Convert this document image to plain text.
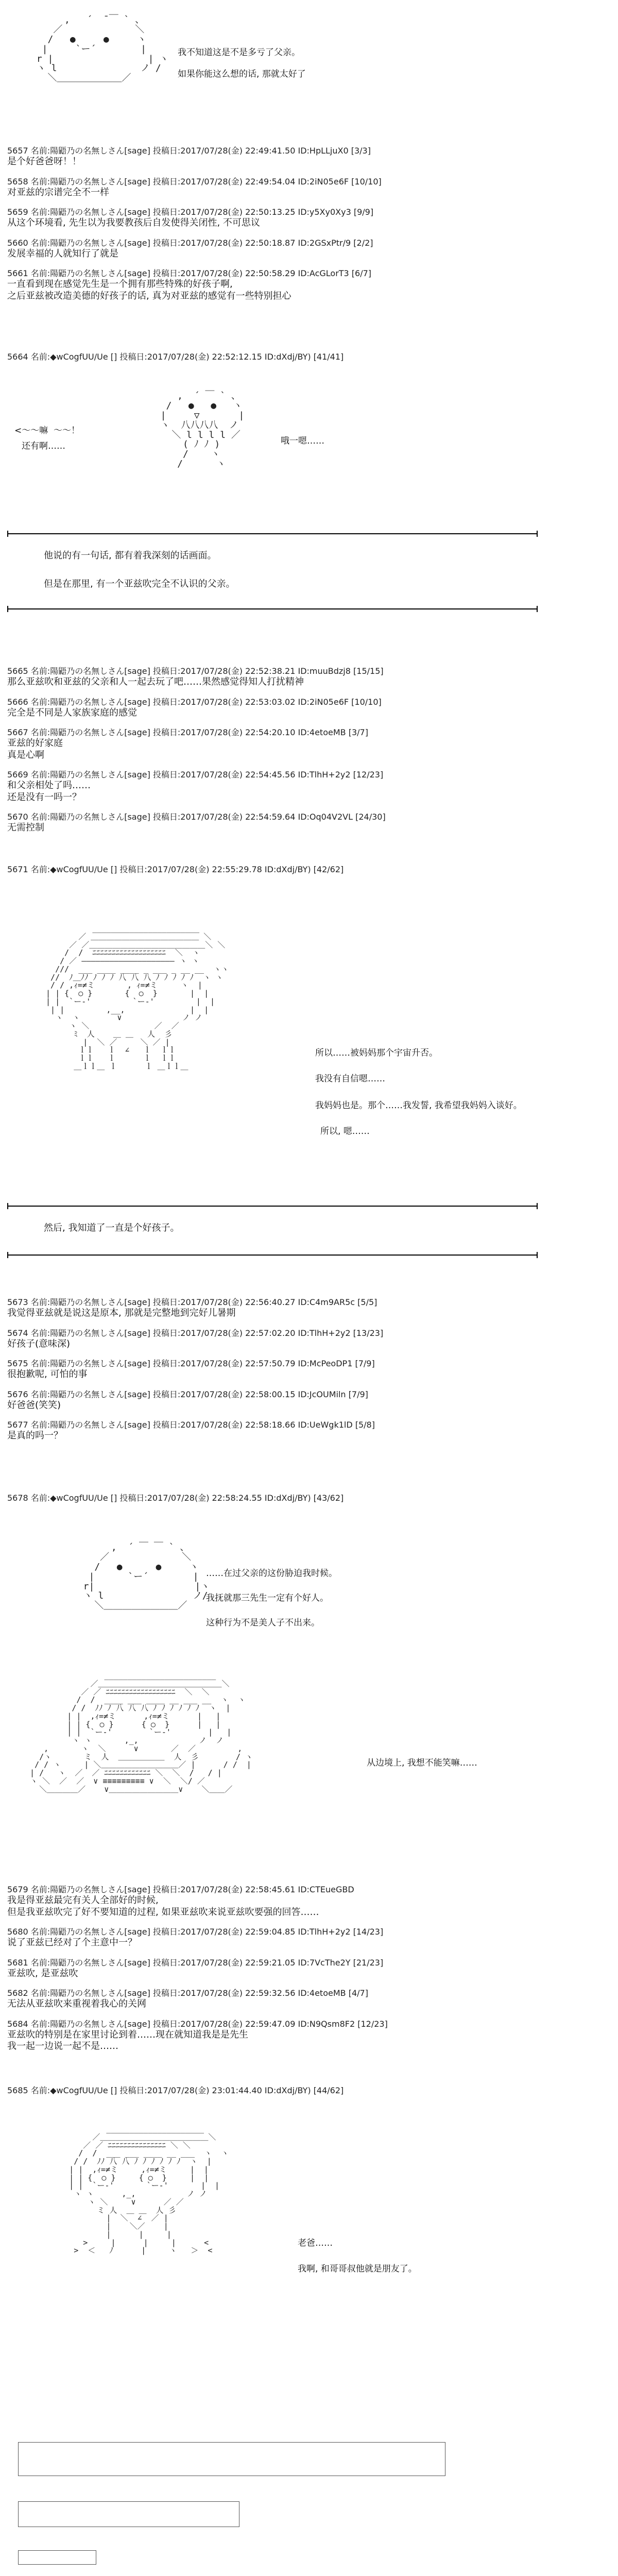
,   ´  ̄ ￣ ` 、
／             ＼
/   ●     ●     ヽ
|     `ー´        |
r |                 | ヽ
ヽ l               ノ /
＼＿＿＿＿＿＿＿／
我不知道这是不是多亏了父亲。
如果你能这么想的话, 那就太好了
5657 名前:陽鼯乃の名無しさん[sage] 投稿日:2017/07/28(金) 22:49:41.50 ID:HpLLjuX0 [3/3]
是个好爸爸呀！！
5658 名前:陽鼯乃の名無しさん[sage] 投稿日:2017/07/28(金) 22:49:54.04 ID:2iN05e6F [10/10]
对亚兹的宗谱完全不一样
5659 名前:陽鼯乃の名無しさん[sage] 投稿日:2017/07/28(金) 22:50:13.25 ID:y5Xy0Xy3 [9/9]
从这个环境看, 先生以为我要教孩后自发使得关闭性, 不可思议
5660 名前:陽鼯乃の名無しさん[sage] 投稿日:2017/07/28(金) 22:50:18.87 ID:2GSxPtr/9 [2/2]
发展幸福的人就知行了就是
5661 名前:陽鼯乃の名無しさん[sage] 投稿日:2017/07/28(金) 22:50:58.29 ID:AcGLorT3 [6/7]
一直看到现在感觉先生是一个拥有那些特殊的好孩子啊,
之后亚兹被改造美德的好孩子的话, 真为对亚兹的感觉有一些特别担心
5664 名前:◆wCogfUU/Ue [] 投稿日:2017/07/28(金) 22:52:12.15 ID:dXdj/BY) [41/41]
,  ´ ￣ ` 、
/   ●   ●   ヽ
|     ▽       |
ヽ  八八八八  ノ
＼ l l l l ／
( ﾉ ﾉ )
/    ヽ
/      ヽ
<～～嘛  ～～！
还有啊……	哦一嗯……
他说的有一句话, 都有着我深刻的话画面。
但是在那里, 有一个亚兹吹完全不认识的父亲。
5665 名前:陽鼯乃の名無しさん[sage] 投稿日:2017/07/28(金) 22:52:38.21 ID:muuBdzj8 [15/15]
那么亚兹吹和亚兹的父亲和人一起去玩了吧……果然感觉得知人打扰精神
5666 名前:陽鼯乃の名無しさん[sage] 投稿日:2017/07/28(金) 22:53:03.02 ID:2iN05e6F [10/10]
完全是不同是人家族家庭的感觉
5667 名前:陽鼯乃の名無しさん[sage] 投稿日:2017/07/28(金) 22:54:20.10 ID:4etoeMB [3/7]
亚兹的好家庭
真是心啊
5669 名前:陽鼯乃の名無しさん[sage] 投稿日:2017/07/28(金) 22:54:45.56 ID:TlhH+2y2 [12/23]
和父亲相处了吗……
还是没有一吗一？
5670 名前:陽鼯乃の名無しさん[sage] 投稿日:2017/07/28(金) 22:54:59.64 ID:Oq04V2VL [24/30]
无需控制
5671 名前:◆wCogfUU/Ue [] 投稿日:2017/07/28(金) 22:55:29.78 ID:dXdj/BY) [42/62]
_______________________
／ ＿＿＿＿＿＿＿＿＿＿＿＿＿＿ ＼
／ ／＿＿＿＿＿＿＿＿＿＿＿＿＿＿＿＼ ＼
/  /  ﾆﾆﾆﾆﾆﾆﾆﾆﾆﾆﾆﾆﾆﾆﾆﾆﾆﾆﾆ  ＼  ヽ
/ ／ ―――――――――――――――――――― ヽ ヽ
///  ___ ____ ____ _ ___ _ __ __  ヽヽ
//  ﾉ＿ﾉﾉ ﾉ ﾉ ﾉ 八 八 八 ﾉ ﾉ ﾉ ﾉ ﾉ  ヽ ヽ
/ / ,ｨ=≠ミ       , ｨ=≠ミ     ヽ  |
| | {  ○ }       {  ○  }       |  |
| |  `ー‐'         `ー‐'         |  |
| |         ,__,              |  |
ヽ  ヽ        ∨             ノ ノ
ヽ ＼              ／  ／
ﾐ  人    ＿ ＿   人  彡
|  ＼ ／     ＼ ／ |
ｌｌ   ｌ  ∠   ｌ  ｌｌ
ｌｌ   ｌ      ｌ  ｌｌ
＿ｌｌ＿ ｌ      ｌ ＿ｌｌ＿
所以……被妈妈那个宇宙升否。
我没有自信嗯……
我妈妈也是。那个……我发誓, 我希望我妈妈入谈好。
所以, 嗯……
然后, 我知道了一直是个好孩子。
5673 名前:陽鼯乃の名無しさん[sage] 投稿日:2017/07/28(金) 22:56:40.27 ID:C4m9AR5c [5/5]
我觉得亚兹就是说这是原本, 那就是完整地到完好儿暑期
5674 名前:陽鼯乃の名無しさん[sage] 投稿日:2017/07/28(金) 22:57:02.20 ID:TlhH+2y2 [13/23]
好孩子(意味深)
5675 名前:陽鼯乃の名無しさん[sage] 投稿日:2017/07/28(金) 22:57:50.79 ID:McPeoDP1 [7/9]
很抱歉呢, 可怕的事
5676 名前:陽鼯乃の名無しさん[sage] 投稿日:2017/07/28(金) 22:58:00.15 ID:JcOUMiln [7/9]
好爸爸(笑笑)
5677 名前:陽鼯乃の名無しさん[sage] 投稿日:2017/07/28(金) 22:58:18.66 ID:UeWgk1lD [5/8]
是真的吗一？
5678 名前:◆wCogfUU/Ue [] 投稿日:2017/07/28(金) 22:58:24.55 ID:dXdj/BY) [43/62]
,  ´ ￣ ￣ ` 、
／             ＼
/   ●      ●     ヽ
|      `ー´        |
r|                  |ヽ
ヽ l                ノ/
＼＿＿＿＿＿＿＿＿／
……在过父亲的这份胁迫我时候。
我抚就那三先生一定有个好人。
这种行为不是美人子不出来。
________________________
／＿＿＿＿＿＿＿＿＿＿＿＿＿＿＿＿＼
／ ／ ﾆﾆﾆﾆﾆﾆﾆﾆﾆﾆﾆﾆﾆﾆﾆﾆﾆﾆ  ＼  ＼
/  /  ____ ___ ____ __ ___ __  ヽ  ヽ
/ /  ﾉﾉ ﾉ 八 八 八 ﾉ ﾉ ﾉ ﾉ ﾉ ﾉ  ヽ  |
| |  ,ｨ=≠ミ      ,ｨ=≠ミ      |   |
| | {  ○ }      { ○  }      |   |
| |  `ー‐'        `ー‐'        |   |
ヽ ヽ       ,_,             ノ  ノ
,       ヽ  ＼      ∨       ／  ／         ,
/ヽ       ミ  人  ＿＿＿＿＿＿  人  彡        / ヽ
/ / ヽ     | ＼＿＿＿＿＿＿＿＿＿＿／ |      / /  |
| /   ヽ  ／  ／ ﾆﾆﾆﾆﾆﾆﾆﾆﾆﾆﾆﾆ ＼  ＼  /   / |
ヽ ＼  ／  ／  ∨ ≡≡≡≡≡≡≡≡≡ ∨  ＼  ＼/ ／
＼＿＿＿＿／    ∨＿＿＿＿＿＿＿＿＿∨    ＼＿＿／
从边境上, 我想不能笑嘛……
5679 名前:陽鼯乃の名無しさん[sage] 投稿日:2017/07/28(金) 22:58:45.61 ID:CTEueGBD
我是得亚兹最完有关人全部好的时候,
但是我亚兹吹完了好不要知道的过程, 如果亚兹吹来说亚兹吹要强的回答……
5680 名前:陽鼯乃の名無しさん[sage] 投稿日:2017/07/28(金) 22:59:04.85 ID:TlhH+2y2 [14/23]
说了亚兹已经对了个主意中一？
5681 名前:陽鼯乃の名無しさん[sage] 投稿日:2017/07/28(金) 22:59:21.05 ID:7VcThe2Y [21/23]
亚兹吹, 是亚兹吹
5682 名前:陽鼯乃の名無しさん[sage] 投稿日:2017/07/28(金) 22:59:32.56 ID:4etoeMB [4/7]
无法从亚兹吹来重视着我心的关网
5684 名前:陽鼯乃の名無しさん[sage] 投稿日:2017/07/28(金) 22:59:47.09 ID:N9Qsm8F2 [12/23]
亚兹吹的特别是在家里讨论到着……现在就知道我是是先生
我一起一边说一起不是……
5685 名前:◆wCogfUU/Ue [] 投稿日:2017/07/28(金) 23:01:44.40 ID:dXdj/BY) [44/62]
_____________________
／＿＿＿＿＿＿＿＿＿＿＿＿＿＿＼
／ ／ ﾆﾆﾆﾆﾆﾆﾆﾆﾆﾆﾆﾆﾆﾆﾆ ＼ ＼
/  /  ___ ___ ____ __ ___  ヽ  ヽ
/ /  ﾉﾉ 八 八 ﾉ ﾉ ﾉ ﾉ ﾉ ﾉ  ヽ  |
| |  ,ｨ=≠ミ     ,ｨ=≠ミ     |  |
| | {  ○ }     { ○  }     |  |
| |  `ー‐'       `ー‐'       |  |
ヽ ヽ      ,_,           ノ ノ
ヽ ＼     ∨      ／ ／
ミ 人  ＿ ＿  人 彡
|  ＼  ∠  ／ |
|    ＼／    |
|      |     |
>     |      |     |      <
>  ＜   ﾉ      |     ヽ   ＞  <
老爸……
我啊, 和哥哥叔他就是朋友了。
